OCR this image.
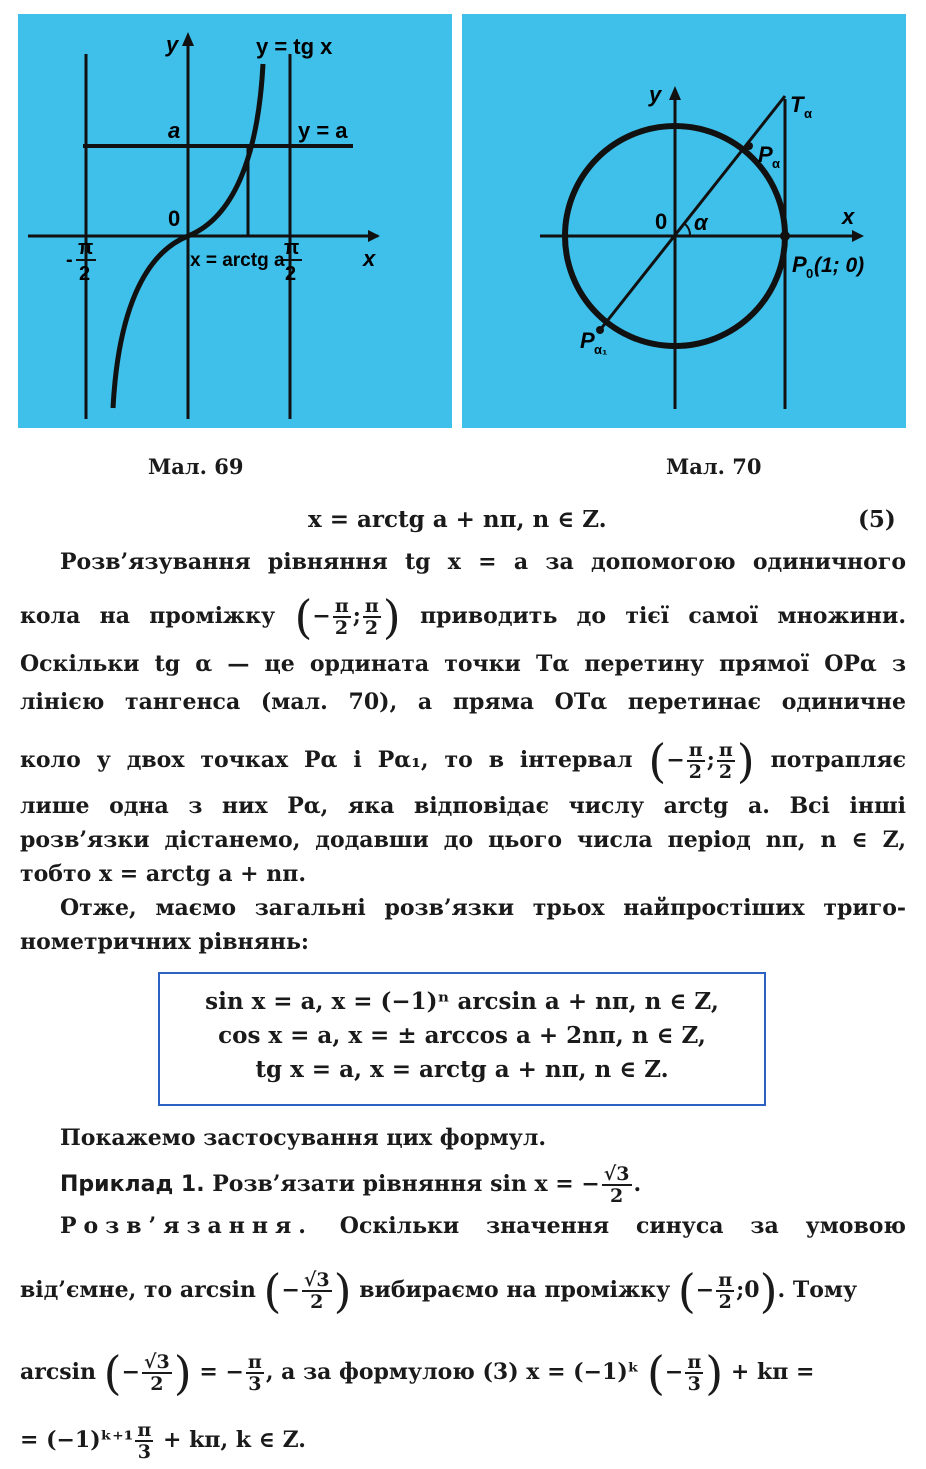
y
x
y = tg x
y = a
a
0
-
π
2
π
2
x = arctg a
y
x
0 α
T α
P α
P 0 (1; 0)
P α₁
Мал. 69	Мал. 70
x = arctg a + nπ, n ∈ Z.	(5)
Розв’язування рівняння tg x = a за допомогою одиничного
кола на проміжку (− $\frac{\pi}{2}$ ; $\frac{\pi}{2}$ ) приводить до тієї самої множини.
Оскільки tg α — це ордината точки Tα перетину прямої OPα з
лінією тангенса (мал. 70), а пряма OTα перетинає одиничне
коло у двох точках Pα і Pα₁, то в інтервал (− $\frac{\pi}{2}$ ; $\frac{\pi}{2}$ ) потрапляє
лише одна з них Pα, яка відповідає числу arctg a. Всі інші
розв’язки дістанемо, додавши до цього числа період nπ, n ∈ Z,
тобто x = arctg a + nπ.
Отже, маємо загальні розв’язки трьох найпростіших триго-
нометричних рівнянь:
sin x = a, x = (−1)ⁿ arcsin a + nπ, n ∈ Z,
cos x = a, x = ± arccos a + 2nπ, n ∈ Z,
tg x = a, x = arctg a + nπ, n ∈ Z.
Покажемо застосування цих формул.
Приклад 1. Розв’язати рівняння sin x = − $\frac{√3}{2}$ .
Розв’язання. Оскільки значення синуса за умовою
від’ємне, то arcsin (− $\frac{√3}{2}$ ) вибираємо на проміжку (− $\frac{\pi}{2}$ ;0). Тому
arcsin (− $\frac{√3}{2}$ ) = − $\frac{\pi}{3}$ , а за формулою (3) x = (−1)ᵏ (− $\frac{\pi}{3}$ ) + kπ =
= (−1)ᵏ⁺¹ $\frac{\pi}{3} + k\pi$, k ∈ Z.
